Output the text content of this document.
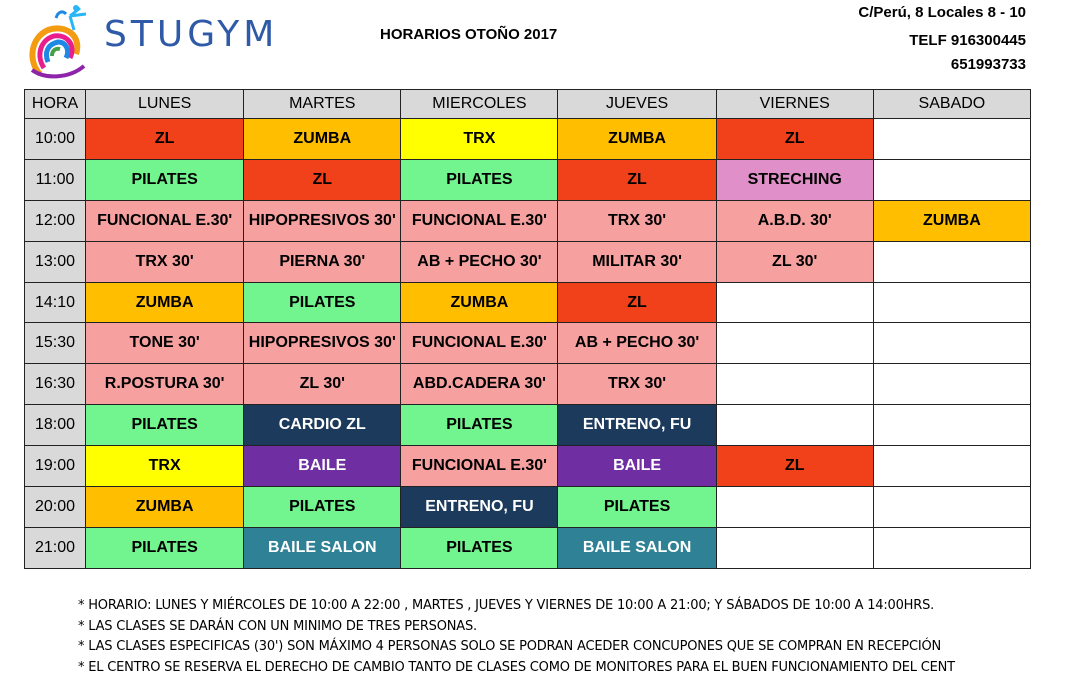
STUGYM	HORARIOS OTOÑO 2017
C/Perú, 8 Locales 8 - 10
TELF 916300445
651993733
HORA	LUNES	MARTES	MIERCOLES	JUEVES	VIERNES	SABADO
10:00	ZL	ZUMBA	TRX	ZUMBA	ZL	
11:00	PILATES	ZL	PILATES	ZL	STRECHING	
12:00	FUNCIONAL E.30'	HIPOPRESIVOS 30'	FUNCIONAL E.30'	TRX 30'	A.B.D. 30'	ZUMBA
13:00	TRX 30'	PIERNA 30'	AB + PECHO 30'	MILITAR 30'	ZL 30'	
14:10	ZUMBA	PILATES	ZUMBA	ZL		
15:30	TONE 30'	HIPOPRESIVOS 30'	FUNCIONAL E.30'	AB + PECHO 30'		
16:30	R.POSTURA 30'	ZL 30'	ABD.CADERA 30'	TRX 30'		
18:00	PILATES	CARDIO ZL	PILATES	ENTRENO, FU		
19:00	TRX	BAILE	FUNCIONAL E.30'	BAILE	ZL	
20:00	ZUMBA	PILATES	ENTRENO, FU	PILATES		
21:00	PILATES	BAILE SALON	PILATES	BAILE SALON		
* HORARIO: LUNES Y MIÉRCOLES DE 10:00 A 22:00 , MARTES , JUEVES Y VIERNES DE 10:00 A 21:00; Y SÁBADOS DE 10:00 A 14:00HRS.
* LAS CLASES SE DARÁN CON UN MINIMO DE TRES PERSONAS.
* LAS CLASES ESPECIFICAS (30') SON MÁXIMO 4 PERSONAS SOLO SE PODRAN ACEDER CONCUPONES QUE SE COMPRAN EN RECEPCIÓN
* EL CENTRO SE RESERVA EL DERECHO DE CAMBIO TANTO DE CLASES COMO DE MONITORES PARA EL BUEN FUNCIONAMIENTO DEL CENT
